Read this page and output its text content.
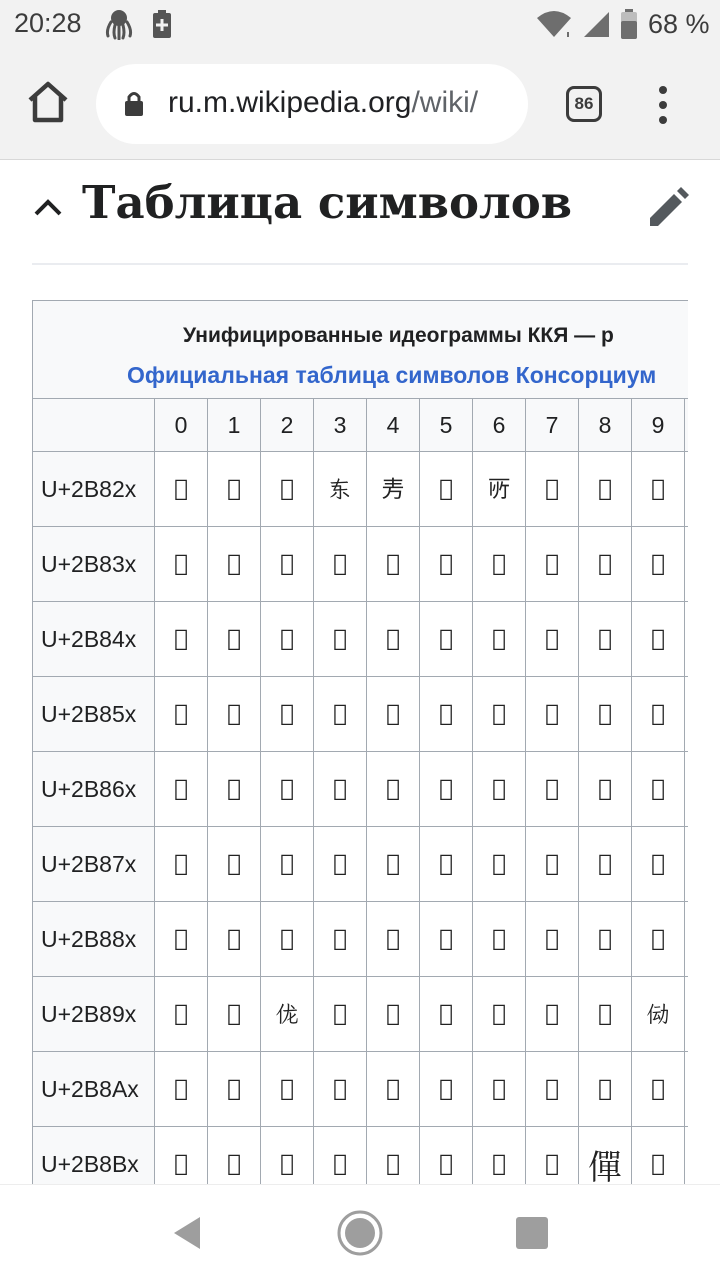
20:28	68 %
ru.m.wikipedia.org/wiki/	86
Таблица символов
Унифицированные идеограммы ККЯ — р
Официальная таблица символов Консорциум											

	0	1	2	3	4	5	6	7	8	9	
U+2B82x	𫠠	𫠡	𫠢	𫠣	𫠤	𫠥	𫠦	𫠧	𫠨	𫠩	
U+2B83x	𫠰	𫠱	𫠲	𫠳	𫠴	𫠵	𫠶	𫠷	𫠸	𫠹	
U+2B84x	𫡀	𫡁	𫡂	𫡃	𫡄	𫡅	𫡆	𫡇	𫡈	𫡉	
U+2B85x	𫡐	𫡑	𫡒	𫡓	𫡔	𫡕	𫡖	𫡗	𫡘	𫡙	
U+2B86x	𫡠	𫡡	𫡢	𫡣	𫡤	𫡥	𫡦	𫡧	𫡨	𫡩	
U+2B87x	𫡰	𫡱	𫡲	𫡳	𫡴	𫡵	𫡶	𫡷	𫡸	𫡹	
U+2B88x	𫢀	𫢁	𫢂	𫢃	𫢄	𫢅	𫢆	𫢇	𫢈	𫢉	
U+2B89x	𫢐	𫢑	𫢒	𫢓	𫢔	𫢕	𫢖	𫢗	𫢘	𫢙	
U+2B8Ax	𫢠	𫢡	𫢢	𫢣	𫢤	𫢥	𫢦	𫢧	𫢨	𫢩	
U+2B8Bx	𫢰	𫢱	𫢲	𫢳	𫢴	𫢵	𫢶	𫢷	僤	𫢹	
